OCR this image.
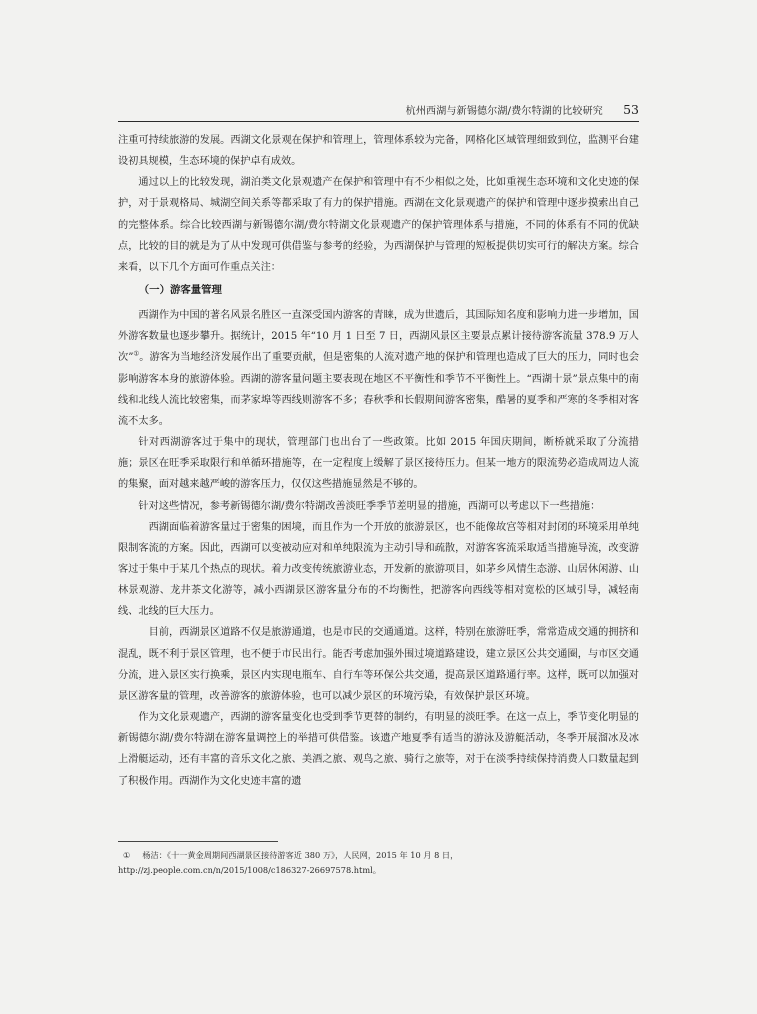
杭州西湖与新锡德尔湖/费尔特湖的比较研究 53

注重可持续旅游的发展。西湖文化景观在保护和管理上，管理体系较为完备，网格化区域管理细致到位，监测平台建设初具规模，生态环境的保护卓有成效。

通过以上的比较发现，湖泊类文化景观遗产在保护和管理中有不少相似之处，比如重视生态环境和文化史迹的保护，对于景观格局、城湖空间关系等都采取了有力的保护措施。西湖在文化景观遗产的保护和管理中逐步摸索出自己的完整体系。综合比较西湖与新锡德尔湖/费尔特湖文化景观遗产的保护管理体系与措施，不同的体系有不同的优缺点，比较的目的就是为了从中发现可供借鉴与参考的经验，为西湖保护与管理的短板提供切实可行的解决方案。综合来看，以下几个方面可作重点关注：

（一）游客量管理

西湖作为中国的著名风景名胜区一直深受国内游客的青睐，成为世遗后，其国际知名度和影响力进一步增加，国外游客数量也逐步攀升。据统计，2015 年“10 月 1 日至 7 日，西湖风景区主要景点累计接待游客流量 378.9 万人次”①。游客为当地经济发展作出了重要贡献，但是密集的人流对遗产地的保护和管理也造成了巨大的压力，同时也会影响游客本身的旅游体验。西湖的游客量问题主要表现在地区不平衡性和季节不平衡性上。“西湖十景”景点集中的南线和北线人流比较密集，而茅家埠等西线则游客不多；春秋季和长假期间游客密集，酷暑的夏季和严寒的冬季相对客流不太多。

针对西湖游客过于集中的现状，管理部门也出台了一些政策。比如 2015 年国庆期间，断桥就采取了分流措施；景区在旺季采取限行和单循环措施等，在一定程度上缓解了景区接待压力。但某一地方的限流势必造成周边人流的集聚，面对越来越严峻的游客压力，仅仅这些措施显然是不够的。

针对这些情况，参考新锡德尔湖/费尔特湖改善淡旺季季节差明显的措施，西湖可以考虑以下一些措施：

西湖面临着游客量过于密集的困境，而且作为一个开放的旅游景区，也不能像故宫等相对封闭的环境采用单纯限制客流的方案。因此，西湖可以变被动应对和单纯限流为主动引导和疏散，对游客客流采取适当措施导流，改变游客过于集中于某几个热点的现状。着力改变传统旅游业态，开发新的旅游项目，如茅乡风情生态游、山居休闲游、山林景观游、龙井茶文化游等，减小西湖景区游客量分布的不均衡性，把游客向西线等相对宽松的区域引导，减轻南线、北线的巨大压力。

目前，西湖景区道路不仅是旅游通道，也是市民的交通通道。这样，特别在旅游旺季，常常造成交通的拥挤和混乱，既不利于景区管理，也不便于市民出行。能否考虑加强外围过境道路建设，建立景区公共交通圈，与市区交通分流，进入景区实行换乘，景区内实现电瓶车、自行车等环保公共交通，提高景区道路通行率。这样，既可以加强对景区游客量的管理，改善游客的旅游体验，也可以减少景区的环境污染，有效保护景区环境。

作为文化景观遗产，西湖的游客量变化也受到季节更替的制约，有明显的淡旺季。在这一点上，季节变化明显的新锡德尔湖/费尔特湖在游客量调控上的举措可供借鉴。该遗产地夏季有适当的游泳及游艇活动，冬季开展溜冰及冰上滑艇运动，还有丰富的音乐文化之旅、美酒之旅、观鸟之旅、骑行之旅等，对于在淡季持续保持消费人口数量起到了积极作用。西湖作为文化史迹丰富的遗

① 杨洁：《十一黄金周期间西湖景区接待游客近 380 万》，人民网，2015 年 10 月 8 日，http://zj.people.com.cn/n/2015/1008/c186327-26697578.html。
